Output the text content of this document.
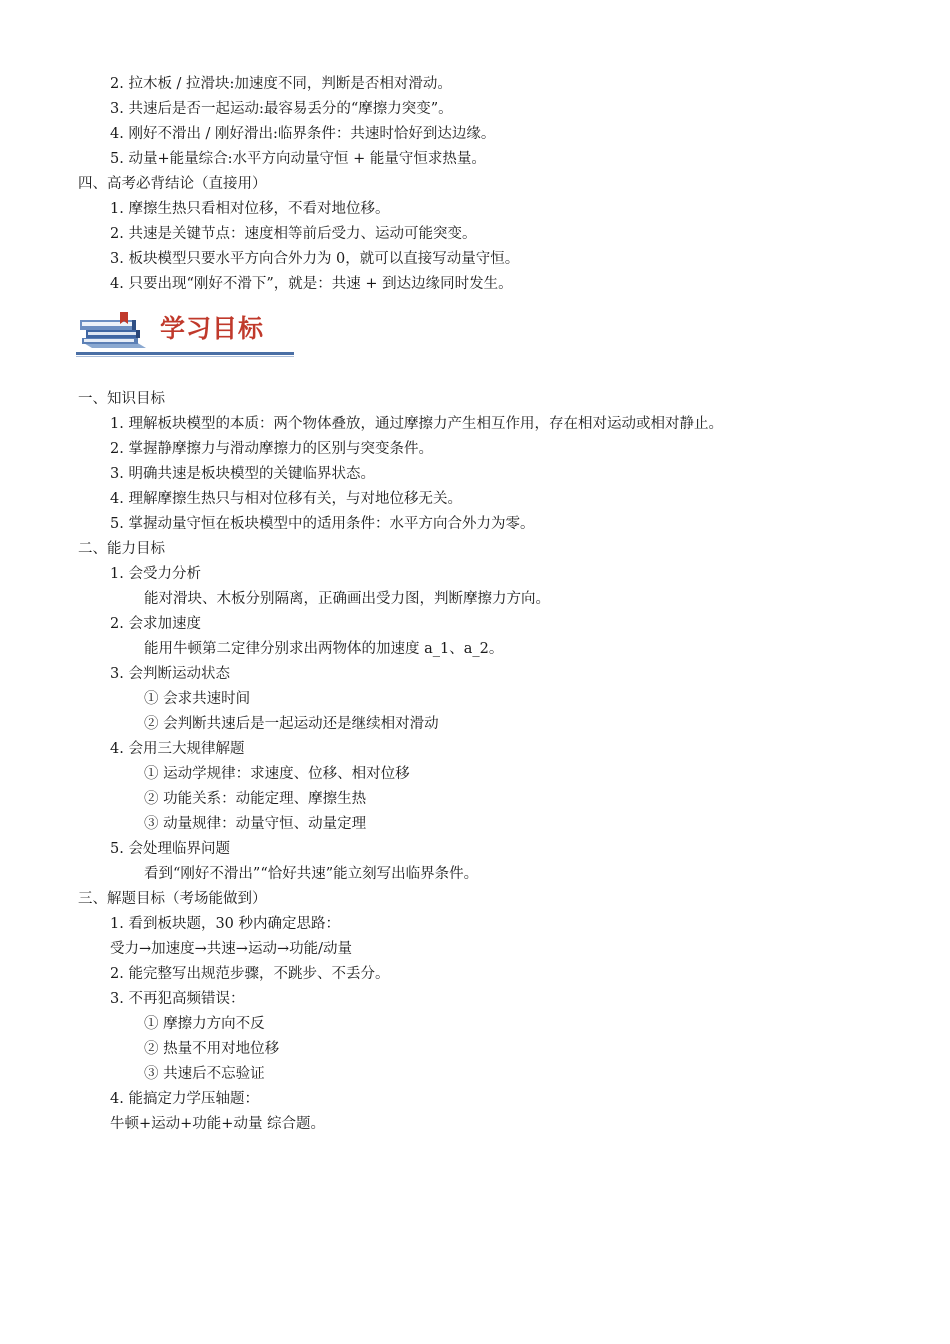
2. 拉木板 / 拉滑块:加速度不同，判断是否相对滑动。
3. 共速后是否一起运动:最容易丢分的“摩擦力突变”。
4. 刚好不滑出 / 刚好滑出:临界条件：共速时恰好到达边缘。
5. 动量+能量综合:水平方向动量守恒 + 能量守恒求热量。
四、高考必背结论（直接用）
1. 摩擦生热只看相对位移，不看对地位移。
2. 共速是关键节点：速度相等前后受力、运动可能突变。
3. 板块模型只要水平方向合外力为 0，就可以直接写动量守恒。
4. 只要出现“刚好不滑下”，就是：共速 + 到达边缘同时发生。
学习目标
一、知识目标
1. 理解板块模型的本质：两个物体叠放，通过摩擦力产生相互作用，存在相对运动或相对静止。
2. 掌握静摩擦力与滑动摩擦力的区别与突变条件。
3. 明确共速是板块模型的关键临界状态。
4. 理解摩擦生热只与相对位移有关，与对地位移无关。
5. 掌握动量守恒在板块模型中的适用条件：水平方向合外力为零。
二、能力目标
1. 会受力分析
能对滑块、木板分别隔离，正确画出受力图，判断摩擦力方向。
2. 会求加速度
能用牛顿第二定律分别求出两物体的加速度 a_1、a_2。
3. 会判断运动状态
① 会求共速时间
② 会判断共速后是一起运动还是继续相对滑动
4. 会用三大规律解题
① 运动学规律：求速度、位移、相对位移
② 功能关系：动能定理、摩擦生热
③ 动量规律：动量守恒、动量定理
5. 会处理临界问题
看到“刚好不滑出”“恰好共速”能立刻写出临界条件。
三、解题目标（考场能做到）
1. 看到板块题，30 秒内确定思路：
受力→加速度→共速→运动→功能/动量
2. 能完整写出规范步骤，不跳步、不丢分。
3. 不再犯高频错误：
① 摩擦力方向不反
② 热量不用对地位移
③ 共速后不忘验证
4. 能搞定力学压轴题：
牛顿+运动+功能+动量 综合题。
